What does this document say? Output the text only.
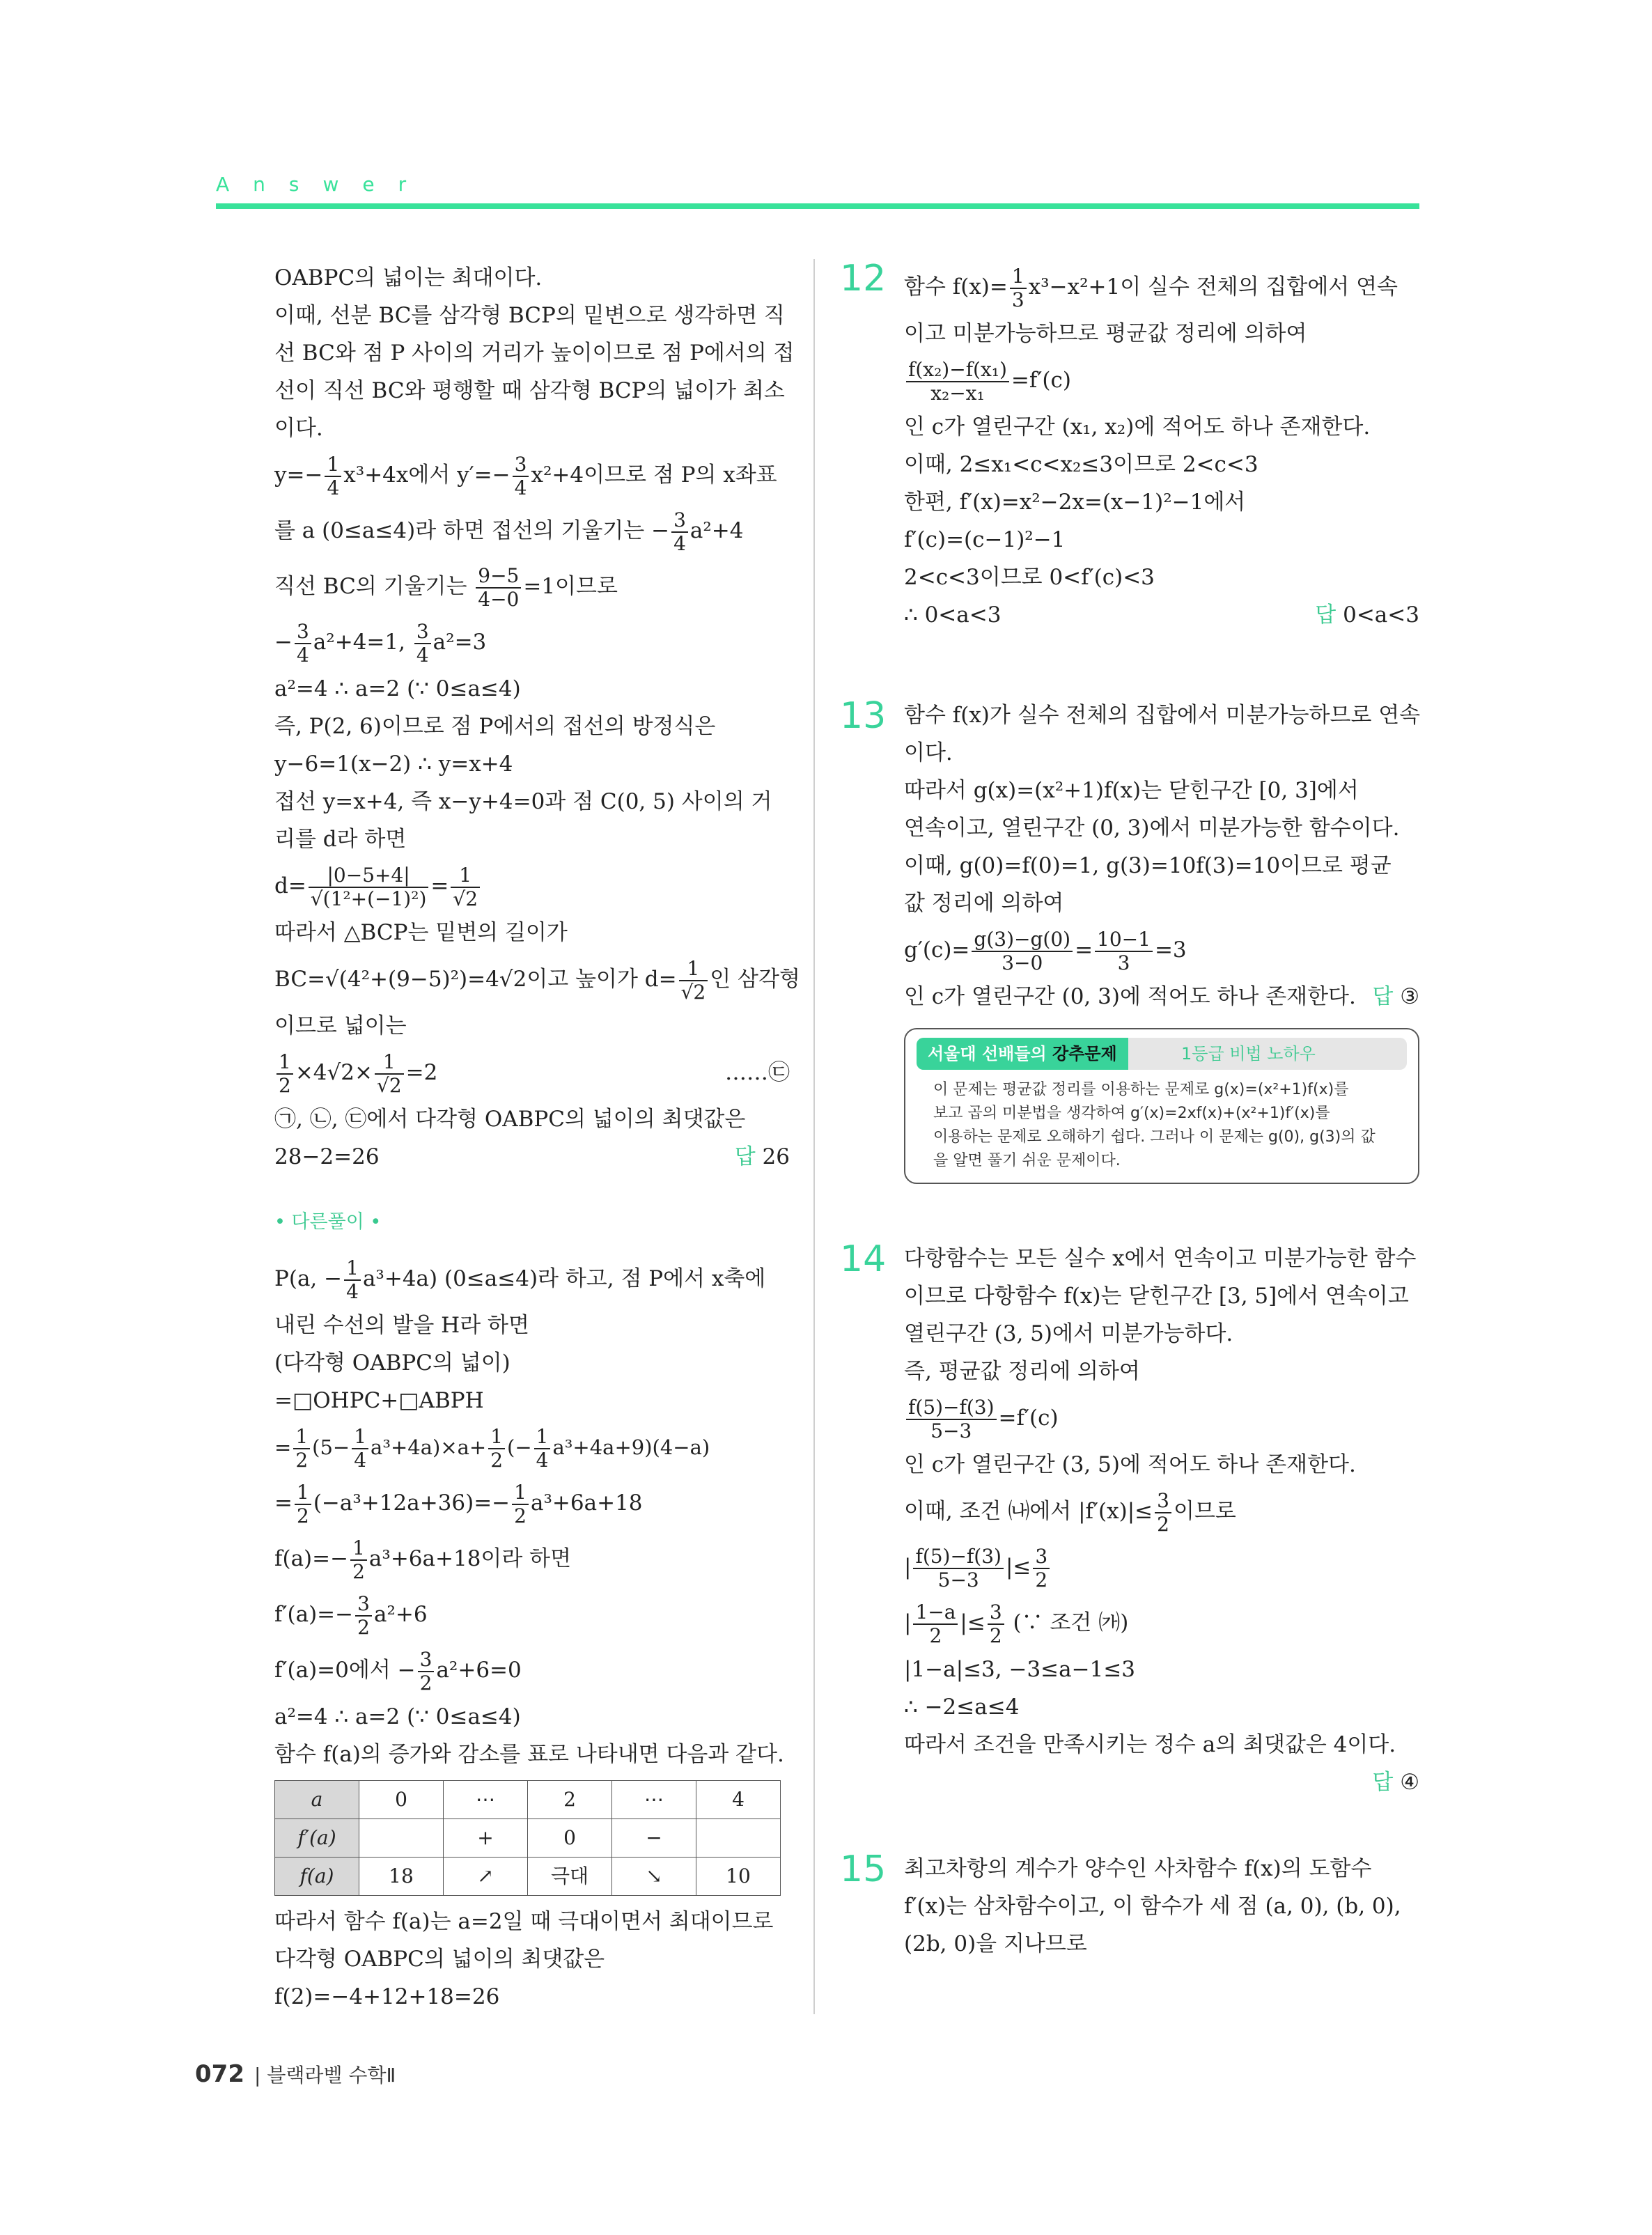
Answer
OABPC의 넓이는 최대이다.
이때, 선분 BC를 삼각형 BCP의 밑변으로 생각하면 직
선 BC와 점 P 사이의 거리가 높이이므로 점 P에서의 접
선이 직선 BC와 평행할 때 삼각형 BCP의 넓이가 최소
이다.
$y=- \frac{1}{4} x^3+4x$에서 $y'=- \frac{3}{4} x^2+4$이므로 점 P의 x좌표
를 a (0≤a≤4)라 하면 접선의 기울기는 − $\frac{3}{4} a^2+4$
직선 BC의 기울기는 $\frac{9-5}{4-0} =1$이므로
− $\frac{3}{4} a^2+4=1$, $\frac{3}{4} a^2=3$
a²=4 ∴ a=2 (∵ 0≤a≤4)
즉, P(2, 6)이므로 점 P에서의 접선의 방정식은
y−6=1(x−2) ∴ y=x+4
접선 y=x+4, 즉 x−y+4=0과 점 C(0, 5) 사이의 거
리를 d라 하면
$d= \frac{|0-5+4|}{\text{√(1²+(−1)²)}} = \frac{1}{√2}$
따라서 △BCP는 밑변의 길이가
BC=√(4²+(9−5)²)=4√2이고 높이가 $d= \frac{1}{√2}$ 인 삼각형
이므로 넓이는
$\frac{1}{2} \times 4√2\times \frac{1}{√2} =2$	……㉢
㉠, ㉡, ㉢에서 다각형 OABPC의 넓이의 최댓값은
28−2=26	답 26
• 다른풀이 •
P(a, − $\frac{1}{4} a^3+4a$) (0≤a≤4)라 하고, 점 P에서 x축에
내린 수선의 발을 H라 하면
(다각형 OABPC의 넓이)
=□OHPC+□ABPH
= $\frac{1}{2} (5- \frac{1}{4} a^3+4a)\times a+ \frac{1}{2}$ (− $\frac{1}{4} a^3+4a+9)(4-a)$
= $\frac{1}{2} (-a^3+12a+36)=- \frac{1}{2} a^3+6a+18$
$f(a)=- \frac{1}{2} a^3+6a+18$이라 하면
$f'(a)=- \frac{3}{2} a^2+6$
f′(a)=0에서 − $\frac{3}{2} a^2+6=0$
a²=4 ∴ a=2 (∵ 0≤a≤4)
함수 f(a)의 증가와 감소를 표로 나타내면 다음과 같다.
a	0	⋯	2	⋯	4
f′(a)		+	0	−	
f(a)	18	↗	극대	↘	10
따라서 함수 f(a)는 a=2일 때 극대이면서 최대이므로
다각형 OABPC의 넓이의 최댓값은
f(2)=−4+12+18=26
12 함수 $f(x)= \frac{1}{3} x^3-x^2+1$이 실수 전체의 집합에서 연속
이고 미분가능하므로 평균값 정리에 의하여
$\frac{\text{f(x₂)−f(x₁)}}{\text{x₂−x₁}} =f'(c)$
인 c가 열린구간 (x₁, x₂)에 적어도 하나 존재한다.
이때, 2≤x₁<c<x₂≤3이므로 2<c<3
한편, f′(x)=x²−2x=(x−1)²−1에서
f′(c)=(c−1)²−1
2<c<3이므로 0<f′(c)<3
∴ 0<a<3	답 0<a<3
13 함수 f(x)가 실수 전체의 집합에서 미분가능하므로 연속
이다.
따라서 g(x)=(x²+1)f(x)는 닫힌구간 [0, 3]에서
연속이고, 열린구간 (0, 3)에서 미분가능한 함수이다.
이때, g(0)=f(0)=1, g(3)=10f(3)=10이므로 평균
값 정리에 의하여
$g'(c)= \frac{g(3)-g(0)}{3-0} = \frac{10-1}{3} =3$
인 c가 열린구간 (0, 3)에 적어도 하나 존재한다. 답 ③
서울대 선배들의 강추문제	1등급 비법 노하우
이 문제는 평균값 정리를 이용하는 문제로 g(x)=(x²+1)f(x)를
보고 곱의 미분법을 생각하여 g′(x)=2xf(x)+(x²+1)f′(x)를
이용하는 문제로 오해하기 쉽다. 그러나 이 문제는 g(0), g(3)의 값
을 알면 풀기 쉬운 문제이다.
14 다항함수는 모든 실수 x에서 연속이고 미분가능한 함수
이므로 다항함수 f(x)는 닫힌구간 [3, 5]에서 연속이고
열린구간 (3, 5)에서 미분가능하다.
즉, 평균값 정리에 의하여
$\frac{f(5)-f(3)}{5-3} =f'(c)$
인 c가 열린구간 (3, 5)에 적어도 하나 존재한다.
이때, 조건 ㈏에서 $|f'(x)|\le \frac{3}{2}$ 이므로
| $\frac{f(5)-f(3)}{5-3}$ |≤ $\frac{3}{2}$
| $\frac{1-a}{2}$ |≤ $\frac{3}{2}$ (∵ 조건 ㈎)
|1−a|≤3, −3≤a−1≤3
∴ −2≤a≤4
따라서 조건을 만족시키는 정수 a의 최댓값은 4이다.
답 ④
15 최고차항의 계수가 양수인 사차함수 f(x)의 도함수
f′(x)는 삼차함수이고, 이 함수가 세 점 (a, 0), (b, 0),
(2b, 0)을 지나므로
072 | 블랙라벨 수학Ⅱ
